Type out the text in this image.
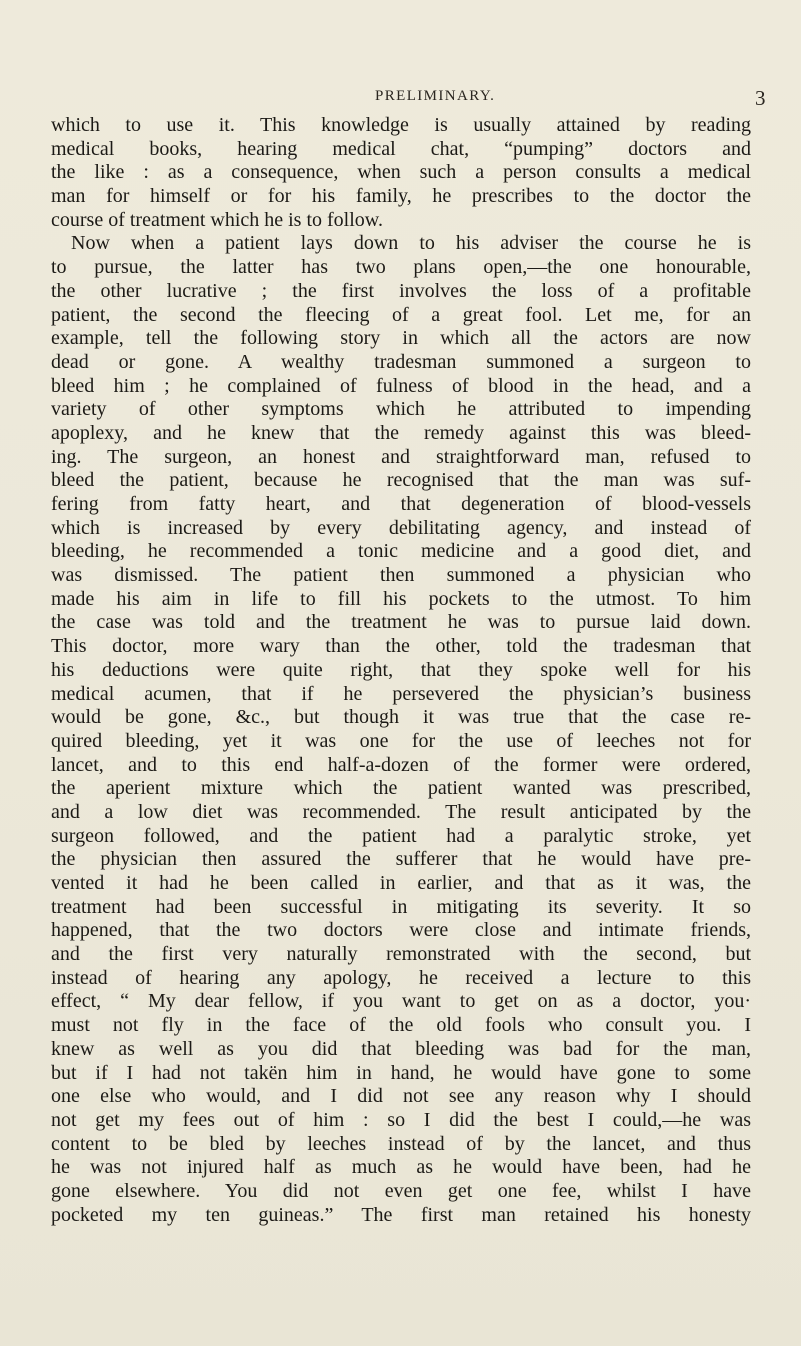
PRELIMINARY.	3
which to use it. This knowledge is usually attained by reading
medical books, hearing medical chat, “pumping” doctors and
the like : as a consequence, when such a person consults a medical
man for himself or for his family, he prescribes to the doctor the
course of treatment which he is to follow.
Now when a patient lays down to his adviser the course he is
to pursue, the latter has two plans open,—the one honourable,
the other lucrative ; the first involves the loss of a profitable
patient, the second the fleecing of a great fool. Let me, for an
example, tell the following story in which all the actors are now
dead or gone. A wealthy tradesman summoned a surgeon to
bleed him ; he complained of fulness of blood in the head, and a
variety of other symptoms which he attributed to impending
apoplexy, and he knew that the remedy against this was bleed-
ing. The surgeon, an honest and straightforward man, refused to
bleed the patient, because he recognised that the man was suf-
fering from fatty heart, and that degeneration of blood-vessels
which is increased by every debilitating agency, and instead of
bleeding, he recommended a tonic medicine and a good diet, and
was dismissed. The patient then summoned a physician who
made his aim in life to fill his pockets to the utmost. To him
the case was told and the treatment he was to pursue laid down.
This doctor, more wary than the other, told the tradesman that
his deductions were quite right, that they spoke well for his
medical acumen, that if he persevered the physician’s business
would be gone, &c., but though it was true that the case re-
quired bleeding, yet it was one for the use of leeches not for
lancet, and to this end half-a-dozen of the former were ordered,
the aperient mixture which the patient wanted was prescribed,
and a low diet was recommended. The result anticipated by the
surgeon followed, and the patient had a paralytic stroke, yet
the physician then assured the sufferer that he would have pre-
vented it had he been called in earlier, and that as it was, the
treatment had been successful in mitigating its severity. It so
happened, that the two doctors were close and intimate friends,
and the first very naturally remonstrated with the second, but
instead of hearing any apology, he received a lecture to this
effect, “ My dear fellow, if you want to get on as a doctor, you·
must not fly in the face of the old fools who consult you. I
knew as well as you did that bleeding was bad for the man,
but if I had not takën him in hand, he would have gone to some
one else who would, and I did not see any reason why I should
not get my fees out of him : so I did the best I could,—he was
content to be bled by leeches instead of by the lancet, and thus
he was not injured half as much as he would have been, had he
gone elsewhere. You did not even get one fee, whilst I have
pocketed my ten guineas.” The first man retained his honesty
